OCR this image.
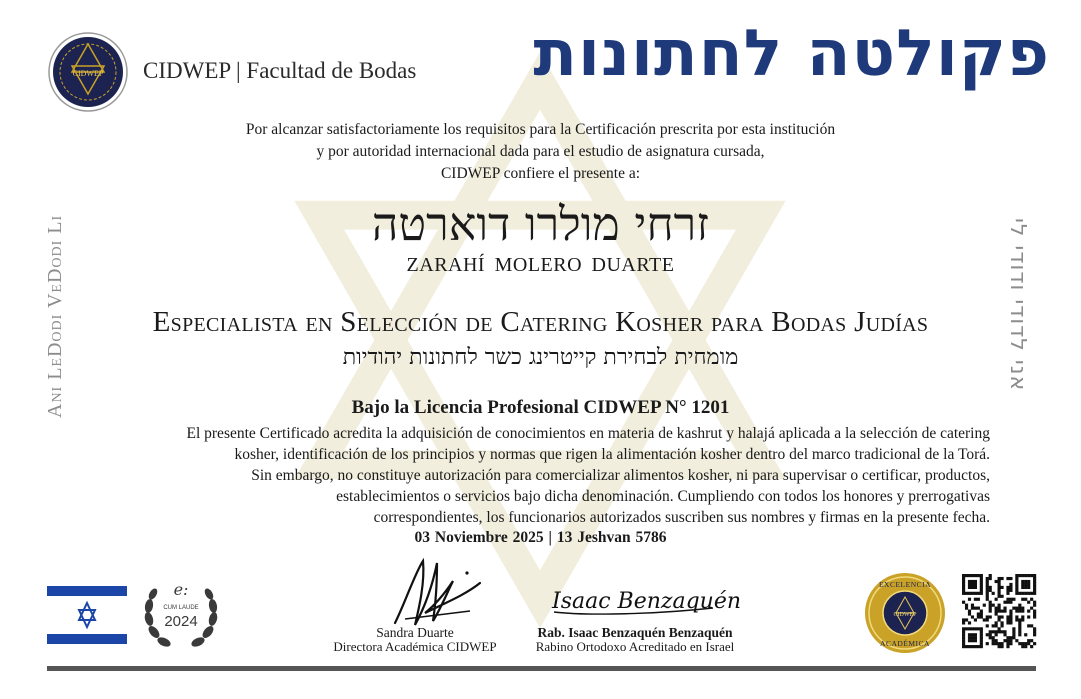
CIDWEP CIDWEP | Facultad de Bodas פקולטה לחתונות
Por alcanzar satisfactoriamente los requisitos para la Certificación prescrita por esta institución
y por autoridad internacional dada para el estudio de asignatura cursada,
CIDWEP confiere el presente a:
זרחי מולרו דוארטה
ZARAHÍ MOLERO DUARTE
Especialista en Selección de Catering Kosher para Bodas Judías
מומחית לבחירת קייטרינג כשר לחתונות יהודיות
Bajo la Licencia Profesional CIDWEP N° 1201
El presente Certificado acredita la adquisición de conocimientos en materia de kashrut y halajá aplicada a la selección de catering
kosher, identificación de los principios y normas que rigen la alimentación kosher dentro del marco tradicional de la Torá.
Sin embargo, no constituye autorización para comercializar alimentos kosher, ni para supervisar o certificar, productos,
establecimientos o servicios bajo dicha denominación. Cumpliendo con todos los honores y prerrogativas
correspondientes, los funcionarios autorizados suscriben sus nombres y firmas en la presente fecha.
03 Noviembre 2025 | 13 Jeshvan 5786
Ani LeDodi VeDodi Li	אני לדודי ודודי לי
e:
CUM LAUDE
2024
Sandra Duarte
Directora Académica CIDWEP
Isaac Benzaquén
Rab. Isaac Benzaquén Benzaquén
Rabino Ortodoxo Acreditado en Israel
CIDWEP
EXCELENCIA
ACADÉMICA
